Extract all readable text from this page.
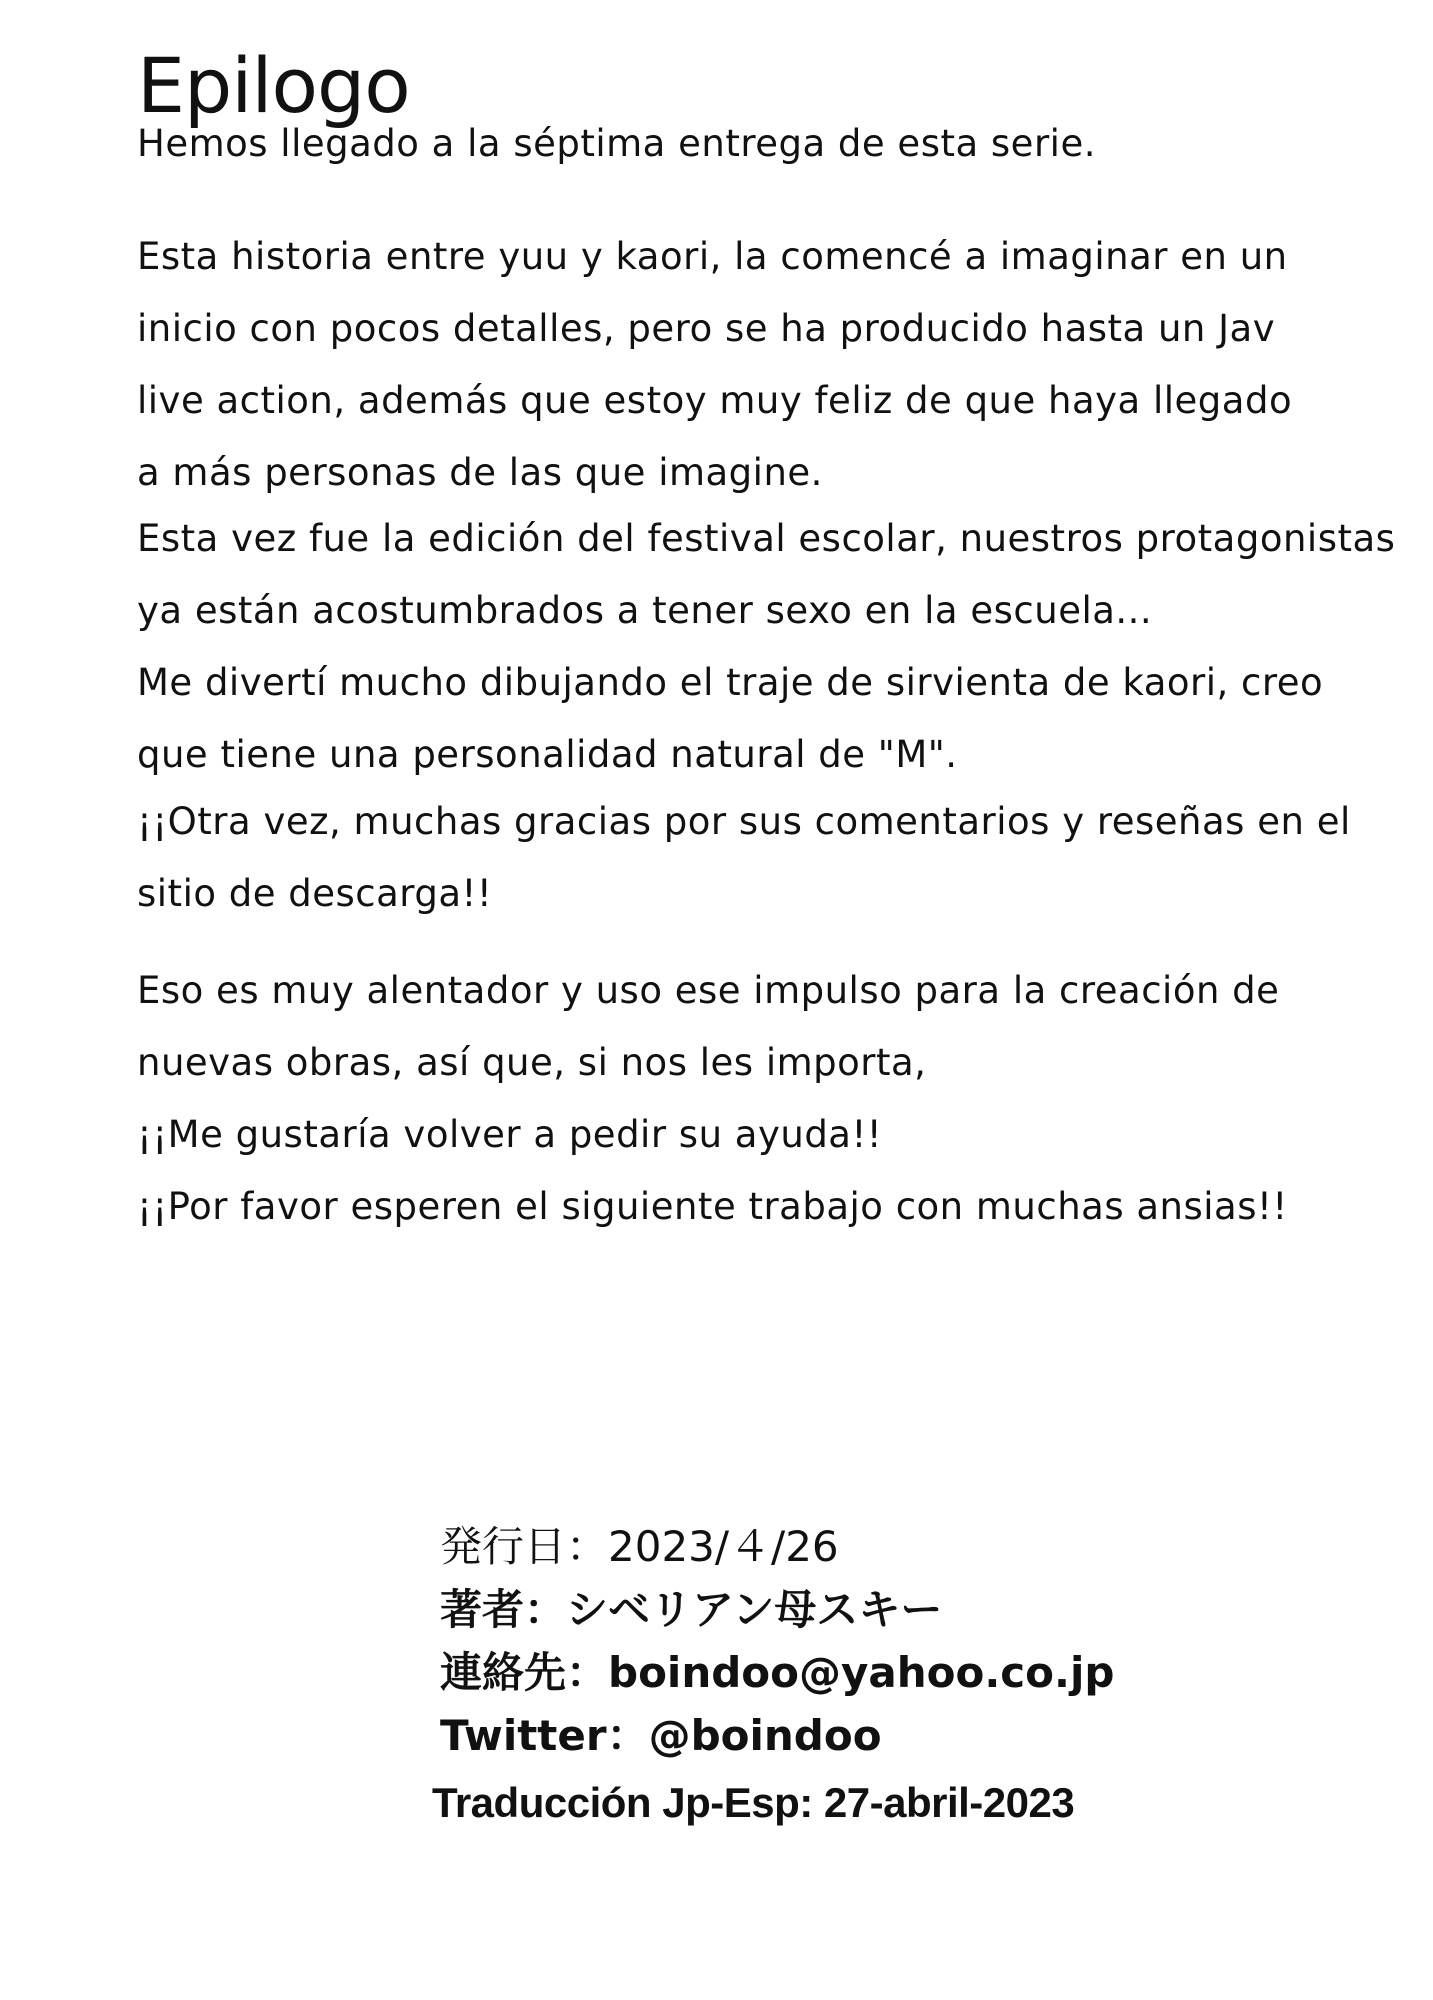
Epilogo
Hemos llegado a la séptima entrega de esta serie.
Esta historia entre yuu y kaori, la comencé a imaginar en un
inicio con pocos detalles, pero se ha producido hasta un Jav
live action, además que estoy muy feliz de que haya llegado
a más personas de las que imagine.
Esta vez fue la edición del festival escolar, nuestros protagonistas
ya están acostumbrados a tener sexo en la escuela...
Me divertí mucho dibujando el traje de sirvienta de kaori, creo
que tiene una personalidad natural de "M".
¡¡Otra vez, muchas gracias por sus comentarios y reseñas en el
sitio de descarga!!
Eso es muy alentador y uso ese impulso para la creación de
nuevas obras, así que, si nos les importa,
¡¡Me gustaría volver a pedir su ayuda!!
¡¡Por favor esperen el siguiente trabajo con muchas ansias!!
発行日：2023/４/26
著者：シベリアン母スキー
連絡先：boindoo@yahoo.co.jp
Twitter：@boindoo
Traducción Jp-Esp: 27-abril-2023
